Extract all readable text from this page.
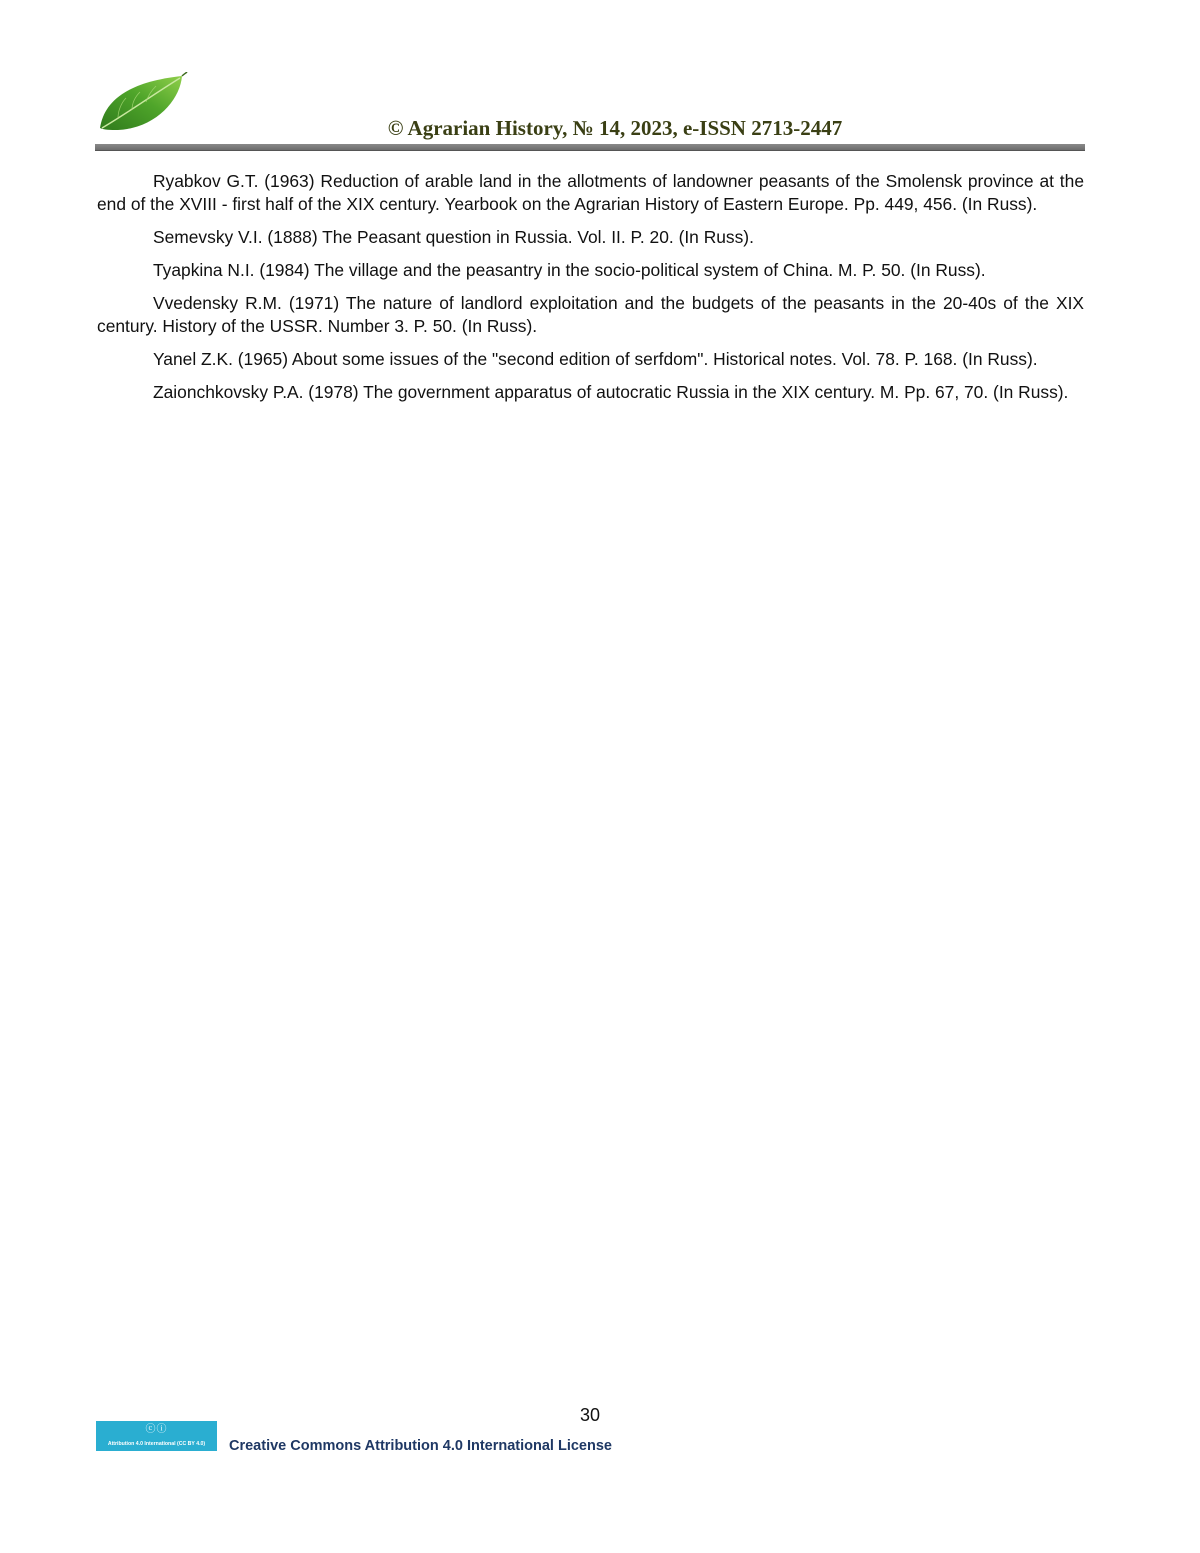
© Agrarian History, № 14, 2023, e-ISSN 2713-2447

Ryabkov G.T. (1963) Reduction of arable land in the allotments of landowner peasants of the Smolensk province at the end of the XVIII - first half of the XIX century. Yearbook on the Agrarian History of Eastern Europe. Pp. 449, 456. (In Russ).

Semevsky V.I. (1888) The Peasant question in Russia. Vol. II. P. 20. (In Russ).

Tyapkina N.I. (1984) The village and the peasantry in the socio-political system of China. M. P. 50. (In Russ).

Vvedensky R.M. (1971) The nature of landlord exploitation and the budgets of the peasants in the 20-40s of the XIX century. History of the USSR. Number 3. P. 50. (In Russ).

Yanel Z.K. (1965) About some issues of the "second edition of serfdom". Historical notes. Vol. 78. P. 168. (In Russ).

Zaionchkovsky P.A. (1978) The government apparatus of autocratic Russia in the XIX century. M. Pp. 67, 70. (In Russ).

30
ⓒⓘ
Attribution 4.0 International (CC BY 4.0)	Creative Commons Attribution 4.0 International License
